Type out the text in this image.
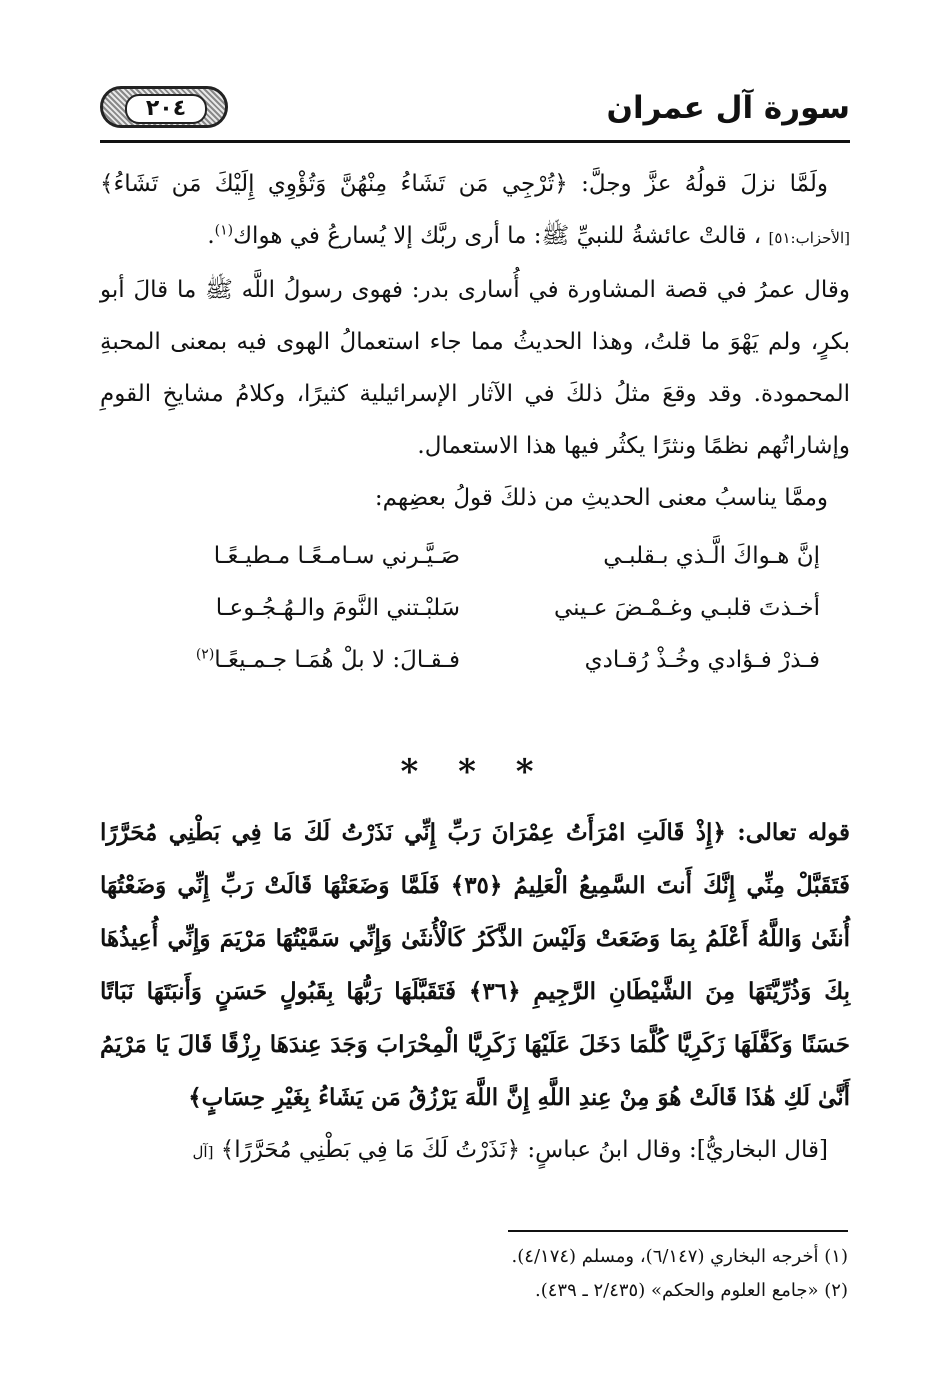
سورة آل عمران
٢٠٤

ولَمَّا نزلَ قولُهُ عزَّ وجلَّ: ﴿تُرْجِي مَن تَشَاءُ مِنْهُنَّ وَتُؤْوِي إِلَيْكَ مَن تَشَاءُ﴾ [الأحزاب:٥١] ، قالتْ عائشةُ للنبيِّ ﷺ: ما أرى ربَّك إلا يُسارعُ في هواك$^{(١)}$.

وقال عمرُ في قصة المشاورة في أُسارى بدر: فهوى رسولُ اللَّه ﷺ ما قالَ أبو بكرٍ، ولم يَهْوَ ما قلتُ، وهذا الحديثُ مما جاء استعمالُ الهوى فيه بمعنى المحبةِ المحمودة. وقد وقعَ مثلُ ذلكَ في الآثار الإسرائيلية كثيرًا، وكلامُ مشايخِ القومِ وإشاراتُهم نظمًا ونثرًا يكثُر فيها هذا الاستعمال.

وممَّا يناسبُ معنى الحديثِ من ذلكَ قولُ بعضِهم:

إنَّ هـواكَ الَّـذي بـقلبـي
صَـيَّـرني سـامـعًـا مـطيـعًـا
أخـذتَ قلبـي وغـمْـضَ عـيني
سَلبْـتني النَّومَ والـهُـجُـوعـا
فـذرْ فـؤادي وخُـذْ رُقـادي
فـقـالَ: لا بلْ هُمَـا جـمـيعًـا$^{(٢)}$
* * *

قوله تعالى: ﴿إِذْ قَالَتِ امْرَأَتُ عِمْرَانَ رَبِّ إِنِّي نَذَرْتُ لَكَ مَا فِي بَطْنِي مُحَرَّرًا فَتَقَبَّلْ مِنِّي إِنَّكَ أَنتَ السَّمِيعُ الْعَلِيمُ ﴿٣٥﴾ فَلَمَّا وَضَعَتْهَا قَالَتْ رَبِّ إِنِّي وَضَعْتُهَا أُنثَىٰ وَاللَّهُ أَعْلَمُ بِمَا وَضَعَتْ وَلَيْسَ الذَّكَرُ كَالْأُنثَىٰ وَإِنِّي سَمَّيْتُهَا مَرْيَمَ وَإِنِّي أُعِيذُهَا بِكَ وَذُرِّيَّتَهَا مِنَ الشَّيْطَانِ الرَّجِيمِ ﴿٣٦﴾ فَتَقَبَّلَهَا رَبُّهَا بِقَبُولٍ حَسَنٍ وَأَنبَتَهَا نَبَاتًا حَسَنًا وَكَفَّلَهَا زَكَرِيَّا كُلَّمَا دَخَلَ عَلَيْهَا زَكَرِيَّا الْمِحْرَابَ وَجَدَ عِندَهَا رِزْقًا قَالَ يَا مَرْيَمُ أَنَّىٰ لَكِ هَٰذَا قَالَتْ هُوَ مِنْ عِندِ اللَّهِ إِنَّ اللَّهَ يَرْزُقُ مَن يَشَاءُ بِغَيْرِ حِسَابٍ﴾

[قال البخاريُّ]: وقال ابنُ عباسٍ: ﴿نَذَرْتُ لَكَ مَا فِي بَطْنِي مُحَرَّرًا﴾ [آل

(١) أخرجه البخاري (٦/١٤٧)، ومسلم (٤/١٧٤).
(٢) «جامع العلوم والحكم» (٢/٤٣٥ ـ ٤٣٩).
